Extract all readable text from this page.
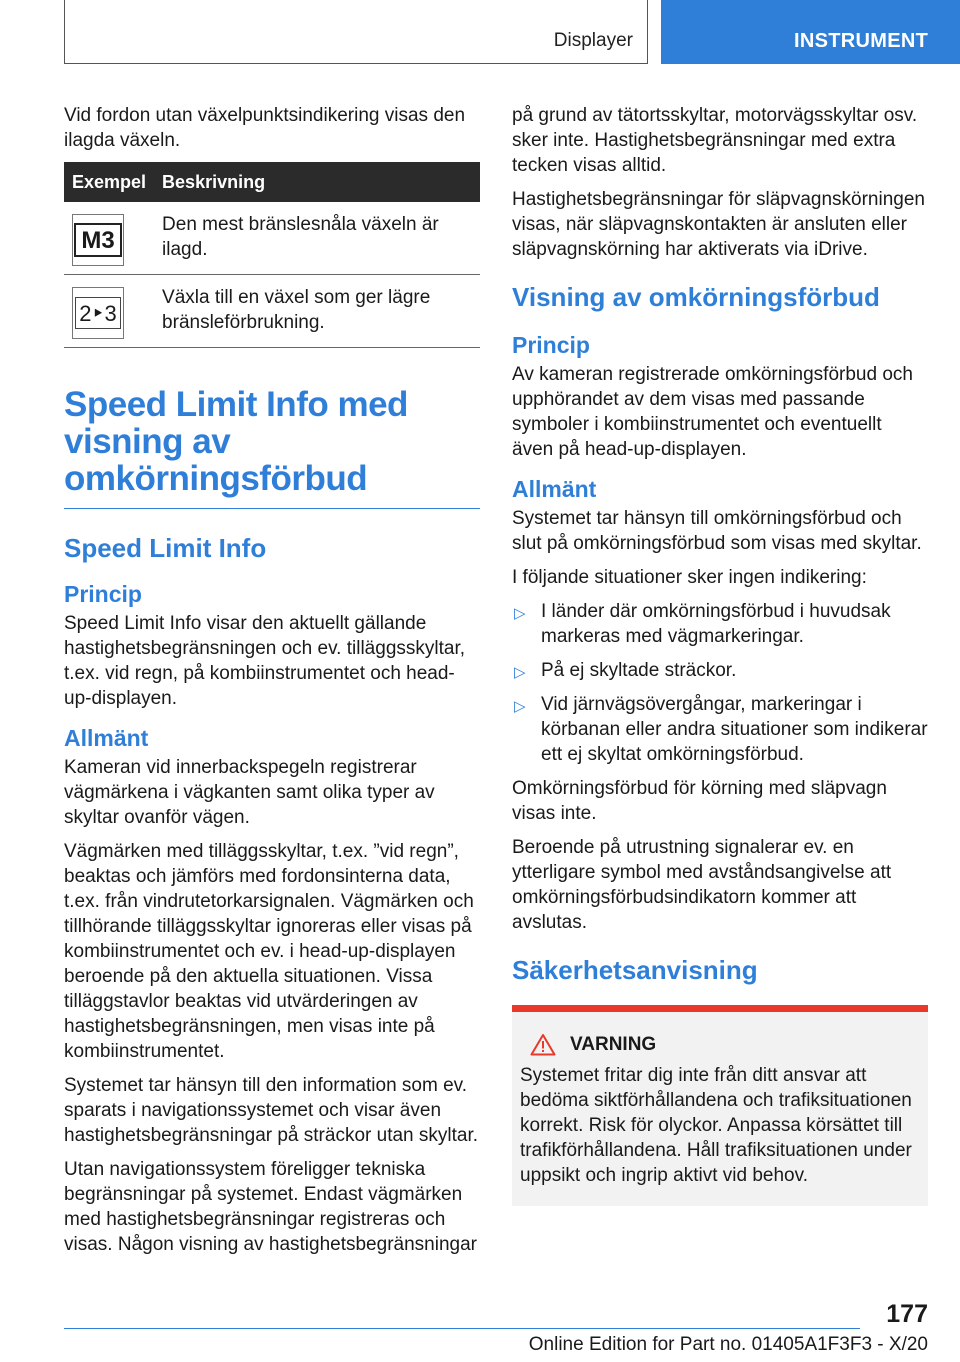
Displayer	INSTRUMENT

Vid fordon utan växelpunktsindikering visas den ilagda växeln.

Exempel	Beskrivning

M3	Den mest bränslesnåla växeln är ilagd.

2‣3	Växla till en växel som ger lägre bränsleförbrukning.
Speed Limit Info med visning av omkörningsförbud
Speed Limit Info
Princip

Speed Limit Info visar den aktuellt gällande hastighetsbegränsningen och ev. tilläggsskyltar, t.ex. vid regn, på kombiinstrumentet och head-up-displayen.

Allmänt

Kameran vid innerbackspegeln registrerar vägmärkena i vägkanten samt olika typer av skyltar ovanför vägen.

Vägmärken med tilläggsskyltar, t.ex. ”vid regn”, beaktas och jämförs med fordonsinterna data, t.ex. från vindrutetorkarsignalen. Vägmärken och tillhörande tilläggsskyltar ignoreras eller visas på kombiinstrumentet och ev. i head-up-displayen beroende på den aktuella situationen. Vissa tilläggstavlor beaktas vid utvärderingen av hastighetsbegränsningen, men visas inte på kombiinstrumentet.

Systemet tar hänsyn till den information som ev. sparats i navigationssystemet och visar även hastighetsbegränsningar på sträckor utan skyltar.

Utan navigationssystem föreligger tekniska begränsningar på systemet. Endast vägmärken med hastighetsbegränsningar registreras och visas. Någon visning av hastighetsbegränsningar

på grund av tätortsskyltar, motorvägsskyltar osv. sker inte. Hastighetsbegränsningar med extra tecken visas alltid.

Hastighetsbegränsningar för släpvagnskörningen visas, när släpvagnskontakten är ansluten eller släpvagnskörning har aktiverats via iDrive.

Visning av omkörningsförbud
Princip

Av kameran registrerade omkörningsförbud och upphörandet av dem visas med passande symboler i kombiinstrumentet och eventuellt även på head-up-displayen.

Allmänt

Systemet tar hänsyn till omkörningsförbud och slut på omkörningsförbud som visas med skyltar.

I följande situationer sker ingen indikering:

▷ I länder där omkörningsförbud i huvudsak markeras med vägmarkeringar.
▷ På ej skyltade sträckor.
▷ Vid järnvägsövergångar, markeringar i körbanan eller andra situationer som indikerar ett ej skyltat omkörningsförbud.

Omkörningsförbud för körning med släpvagn visas inte.

Beroende på utrustning signalerar ev. en ytterligare symbol med avståndsangivelse att omkörningsförbudsindikatorn kommer att avslutas.

Säkerhetsanvisning
VARNING
Systemet fritar dig inte från ditt ansvar att bedöma siktförhållandena och trafiksituationen korrekt. Risk för olyckor. Anpassa körsättet till trafikförhållandena. Håll trafiksituationen under uppsikt och ingrip aktivt vid behov.
177
Online Edition for Part no. 01405A1F3F3 - X/20
